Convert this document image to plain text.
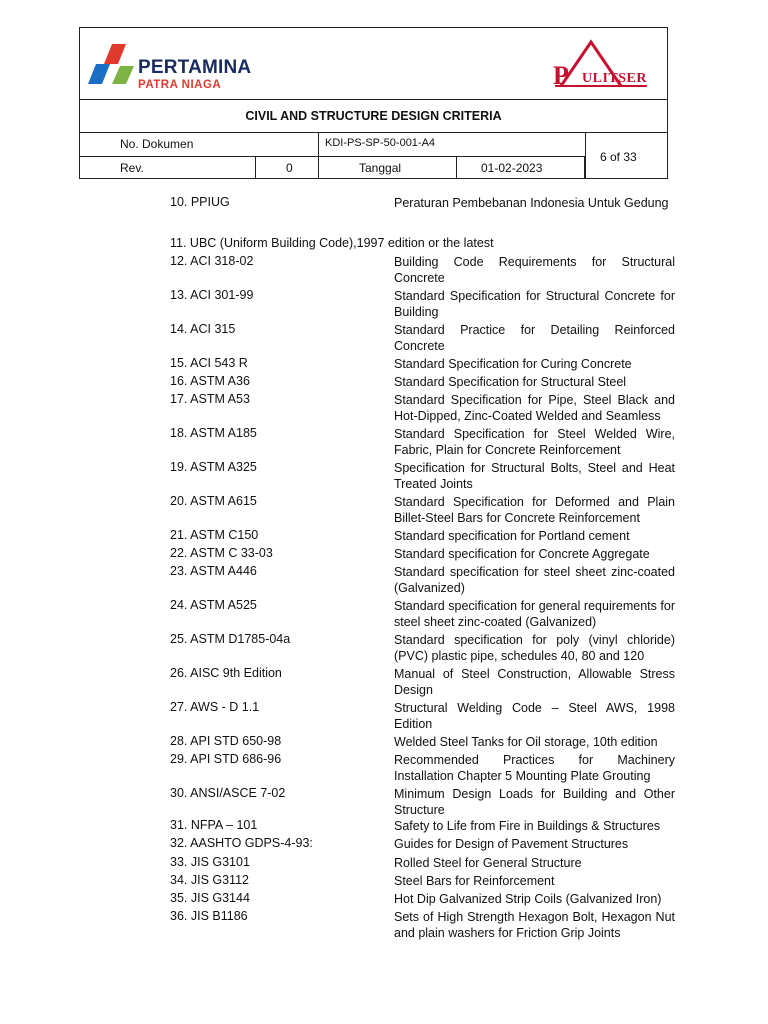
PERTAMINA
PATRA NIAGA	P ULITSER
CIVIL AND STRUCTURE DESIGN CRITERIA
No. Dokumen
Rev.	0
KDI-PS-SP-50-001-A4
Tanggal	01-02-2023
6 of 33
10. PPIUG	Peraturan Pembebanan Indonesia Untuk Gedung
11. UBC (Uniform Building Code),1997 edition or the latest
12. ACI 318-02	Building Code Requirements for Structural Concrete
13. ACI 301-99	Standard Specification for Structural Concrete for Building
14. ACI 315	Standard Practice for Detailing Reinforced Concrete
15. ACI 543 R	Standard Specification for Curing Concrete
16. ASTM A36	Standard Specification for Structural Steel
17. ASTM A53	Standard Specification for Pipe, Steel Black and Hot-Dipped, Zinc-Coated Welded and Seamless
18. ASTM A185	Standard Specification for Steel Welded Wire, Fabric, Plain for Concrete Reinforcement
19. ASTM A325	Specification for Structural Bolts, Steel and Heat Treated Joints
20. ASTM A615	Standard Specification for Deformed and Plain Billet-Steel Bars for Concrete Reinforcement
21. ASTM C150	Standard specification for Portland cement
22. ASTM C 33-03	Standard specification for Concrete Aggregate
23. ASTM A446	Standard specification for steel sheet zinc-coated (Galvanized)
24. ASTM A525	Standard specification for general requirements for steel sheet zinc-coated (Galvanized)
25. ASTM D1785-04a	Standard specification for poly (vinyl chloride) (PVC) plastic pipe, schedules 40, 80 and 120
26. AISC 9th Edition	Manual of Steel Construction, Allowable Stress Design
27. AWS - D 1.1	Structural Welding Code – Steel AWS, 1998 Edition
28. API STD 650-98	Welded Steel Tanks for Oil storage, 10th edition
29. API STD 686-96	Recommended Practices for Machinery Installation Chapter 5 Mounting Plate Grouting
30. ANSI/ASCE 7-02	Minimum Design Loads for Building and Other Structure
31. NFPA – 101	Safety to Life from Fire in Buildings & Structures
32. AASHTO GDPS-4-93:	Guides for Design of Pavement Structures
33. JIS G3101	Rolled Steel for General Structure
34. JIS G3112	Steel Bars for Reinforcement
35. JIS G3144	Hot Dip Galvanized Strip Coils (Galvanized Iron)
36. JIS B1186	Sets of High Strength Hexagon Bolt, Hexagon Nut and plain washers for Friction Grip Joints
